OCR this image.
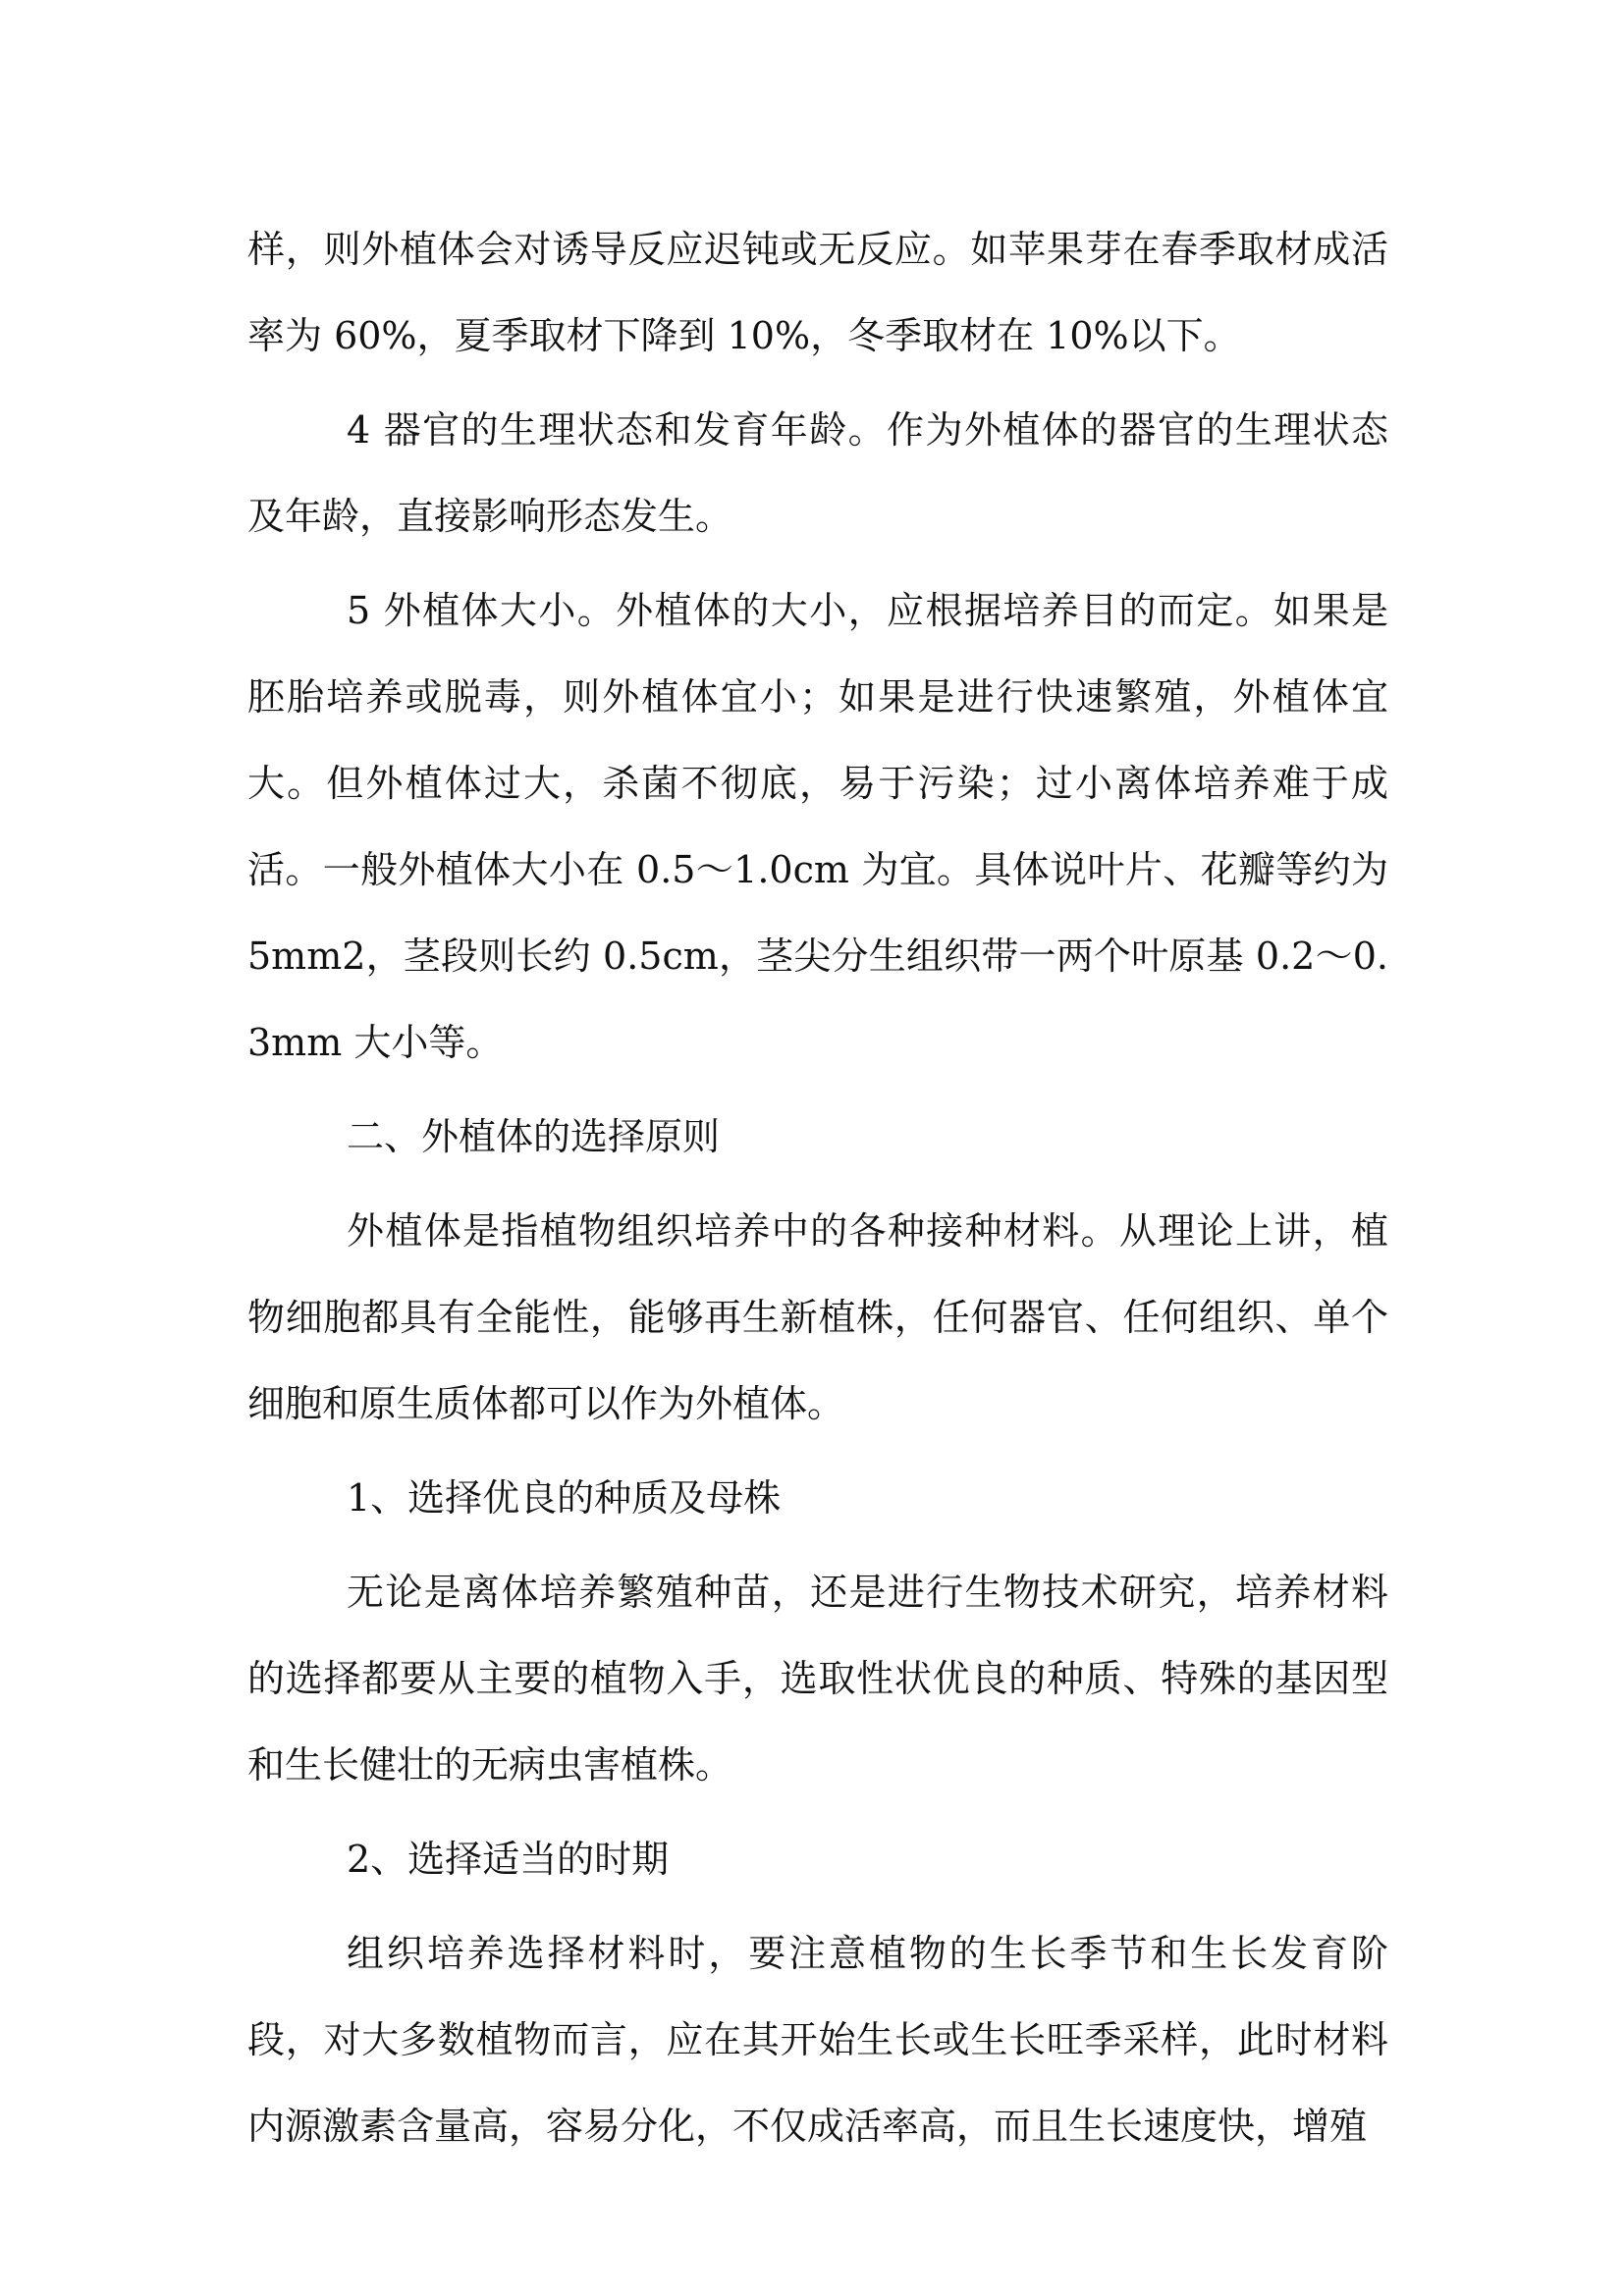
样，则外植体会对诱导反应迟钝或无反应。如苹果芽在春季取材成活率为 60%，夏季取材下降到 10%，冬季取材在 10%以下。

4 器官的生理状态和发育年龄。作为外植体的器官的生理状态及年龄，直接影响形态发生。

5 外植体大小。外植体的大小，应根据培养目的而定。如果是胚胎培养或脱毒，则外植体宜小；如果是进行快速繁殖，外植体宜大。但外植体过大，杀菌不彻底，易于污染；过小离体培养难于成活。一般外植体大小在 0.5～1.0cm 为宜。具体说叶片、花瓣等约为 5mm2，茎段则长约 0.5cm，茎尖分生组织带一两个叶原基 0.2～0.3mm 大小等。

二、外植体的选择原则

外植体是指植物组织培养中的各种接种材料。从理论上讲，植物细胞都具有全能性，能够再生新植株，任何器官、任何组织、单个细胞和原生质体都可以作为外植体。

1、选择优良的种质及母株

无论是离体培养繁殖种苗，还是进行生物技术研究，培养材料的选择都要从主要的植物入手，选取性状优良的种质、特殊的基因型和生长健壮的无病虫害植株。

2、选择适当的时期

组织培养选择材料时，要注意植物的生长季节和生长发育阶段，对大多数植物而言，应在其开始生长或生长旺季采样，此时材料内源激素含量高，容易分化，不仅成活率高，而且生长速度快，增殖
